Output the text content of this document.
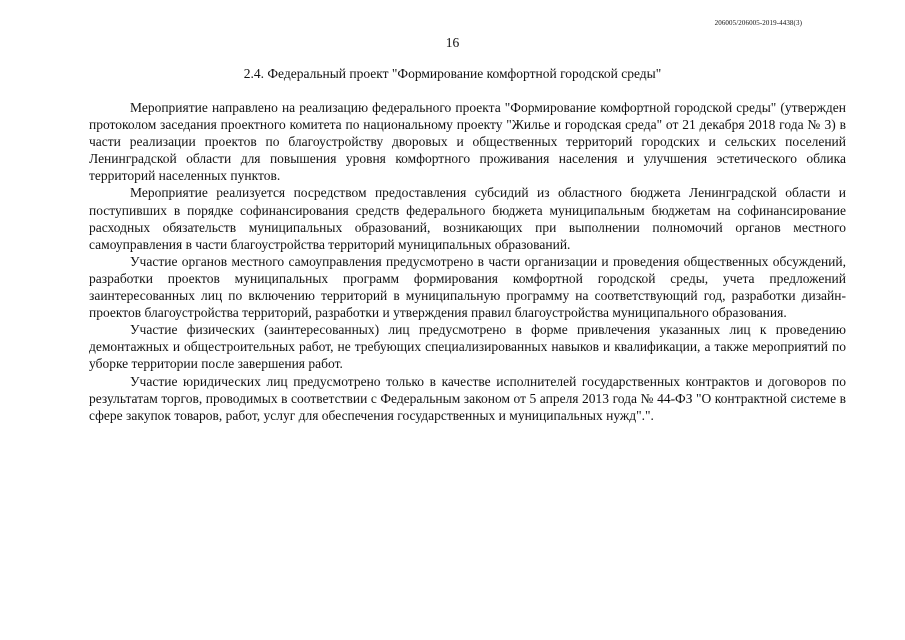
206005/206005-2019-4438(3)
16
2.4. Федеральный проект "Формирование комфортной городской среды"

Мероприятие направлено на реализацию федерального проекта "Формирование комфортной городской среды" (утвержден протоколом заседания проектного комитета по национальному проекту "Жилье и городская среда" от 21 декабря 2018 года № 3) в части реализации проектов по благоустройству дворовых и общественных территорий городских и сельских поселений Ленинградской области для повышения уровня комфортного проживания населения и улучшения эстетического облика территорий населенных пунктов.

Мероприятие реализуется посредством предоставления субсидий из областного бюджета Ленинградской области и поступивших в порядке софинансирования средств федерального бюджета муниципальным бюджетам на софинансирование расходных обязательств муниципальных образований, возникающих при выполнении полномочий органов местного самоуправления в части благоустройства территорий муниципальных образований.

Участие органов местного самоуправления предусмотрено в части организации и проведения общественных обсуждений, разработки проектов муниципальных программ формирования комфортной городской среды, учета предложений заинтересованных лиц по включению территорий в муниципальную программу на соответствующий год, разработки дизайн-проектов благоустройства территорий, разработки и утверждения правил благоустройства муниципального образования.

Участие физических (заинтересованных) лиц предусмотрено в форме привлечения указанных лиц к проведению демонтажных и общестроительных работ, не требующих специализированных навыков и квалификации, а также мероприятий по уборке территории после завершения работ.

Участие юридических лиц предусмотрено только в качестве исполнителей государственных контрактов и договоров по результатам торгов, проводимых в соответствии с Федеральным законом от 5 апреля 2013 года № 44-ФЗ "О контрактной системе в сфере закупок товаров, работ, услуг для обеспечения государственных и муниципальных нужд".".
